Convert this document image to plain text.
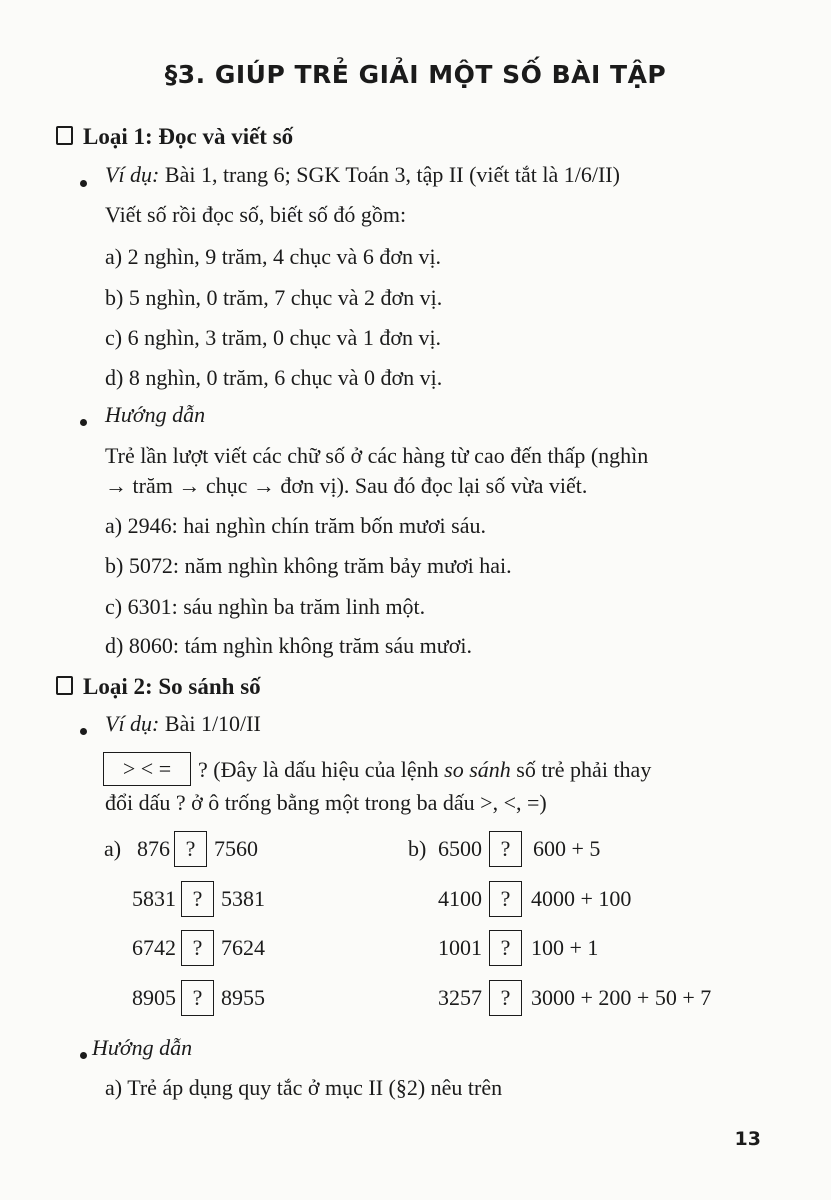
§3. GIÚP TRẺ GIẢI MỘT SỐ BÀI TẬP
Loại 1: Đọc và viết số
Ví dụ: Bài 1, trang 6; SGK Toán 3, tập II (viết tắt là 1/6/II)
Viết số rồi đọc số, biết số đó gồm:
a) 2 nghìn, 9 trăm, 4 chục và 6 đơn vị.
b) 5 nghìn, 0 trăm, 7 chục và 2 đơn vị.
c) 6 nghìn, 3 trăm, 0 chục và 1 đơn vị.
d) 8 nghìn, 0 trăm, 6 chục và 0 đơn vị.
Hướng dẫn
Trẻ lần lượt viết các chữ số ở các hàng từ cao đến thấp (nghìn
→ trăm → chục → đơn vị). Sau đó đọc lại số vừa viết.
a) 2946: hai nghìn chín trăm bốn mươi sáu.
b) 5072: năm nghìn không trăm bảy mươi hai.
c) 6301: sáu nghìn ba trăm linh một.
d) 8060: tám nghìn không trăm sáu mươi.
Loại 2: So sánh số
Ví dụ: Bài 1/10/II
> < =	? (Đây là dấu hiệu của lệnh so sánh số trẻ phải thay
đổi dấu ? ở ô trống bằng một trong ba dấu >, <, =)
a) 876 ? 7560
5831 ? 5381
6742 ? 7624
8905 ? 8955
b) 6500 ?	600 + 5
4100 ? 4000 + 100
1001 ? 100 + 1
3257 ? 3000 + 200 + 50 + 7
Hướng dẫn
a) Trẻ áp dụng quy tắc ở mục II (§2) nêu trên
13
